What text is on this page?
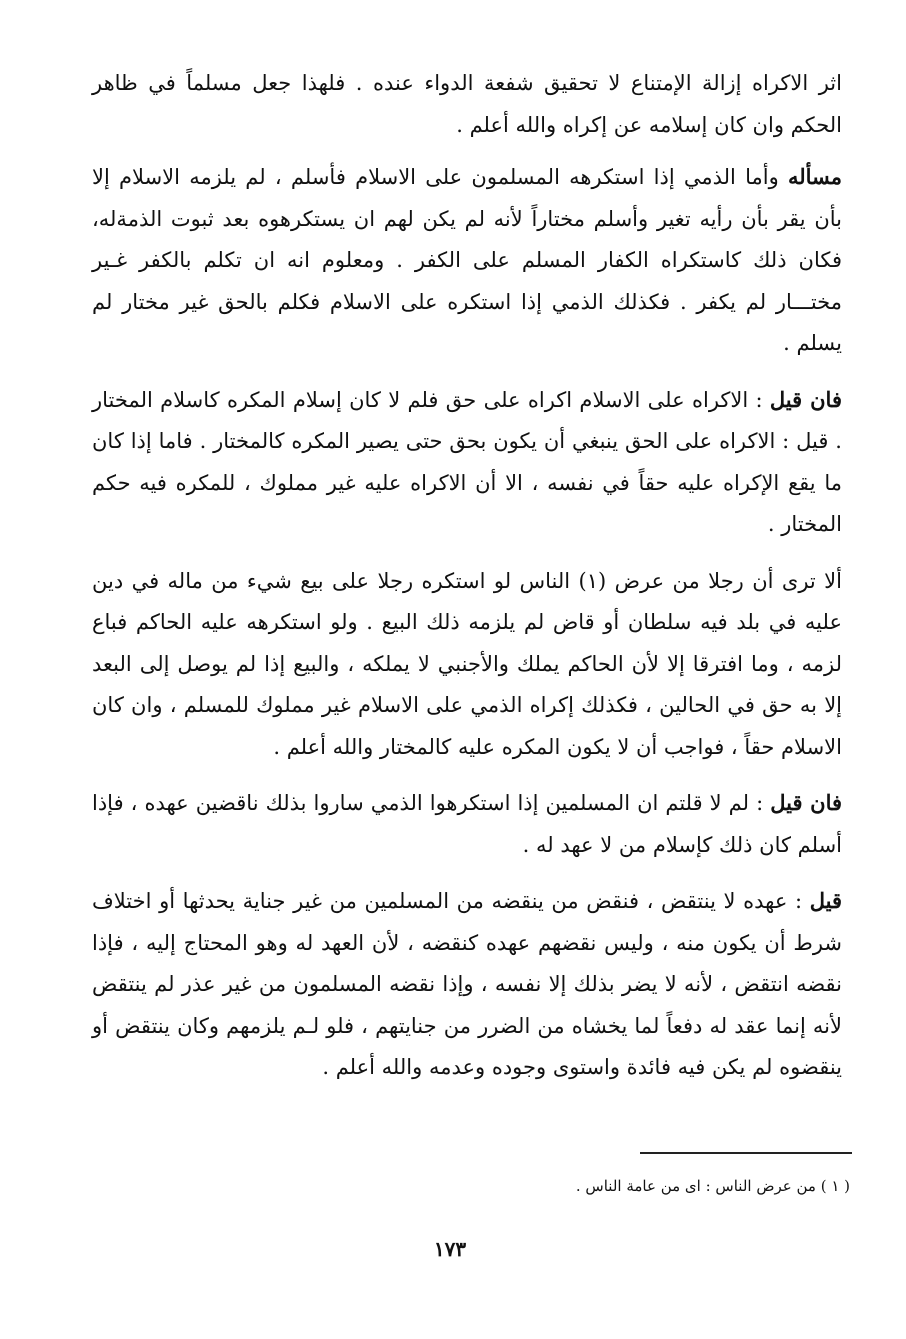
اثر الاكراه إزالة الإمتناع لا تحقيق شفعة الدواء عنده . فلهذا جعل مسلماً في ظاهر الحكم وان كان إسلامه عن إكراه والله أعلم .

مسأله وأما الذمي إذا استكرهه المسلمون على الاسلام فأسلم ، لم يلزمه الاسلام إلا بأن يقر بأن رأيه تغير وأسلم مختاراً لأنه لم يكن لهم ان يستكرهوه بعد ثبوت الذمةله، فكان ذلك كاستكراه الكفار المسلم على الكفر . ومعلوم انه ان تكلم بالكفر غـير مختـــار لم يكفر . فكذلك الذمي إذا استكره على الاسلام فكلم بالحق غير مختار لم يسلم .

فان قيل : الاكراه على الاسلام اكراه على حق فلم لا كان إسلام المكره كاسلام المختار . قيل : الاكراه على الحق ينبغي أن يكون بحق حتى يصير المكره كالمختار . فاما إذا كان ما يقع الإكراه عليه حقاً في نفسه ، الا أن الاكراه عليه غير مملوك ، للمكره فيه حكم المختار .

ألا ترى أن رجلا من عرض (١) الناس لو استكره رجلا على بيع شيء من ماله في دين عليه في بلد فيه سلطان أو قاض لم يلزمه ذلك البيع . ولو استكرهه عليه الحاكم فباع لزمه ، وما افترقا إلا لأن الحاكم يملك والأجنبي لا يملكه ، والبيع إذا لم يوصل إلى البعد إلا به حق في الحالين ، فكذلك إكراه الذمي على الاسلام غير مملوك للمسلم ، وان كان الاسلام حقاً ، فواجب أن لا يكون المكره عليه كالمختار والله أعلم .

فان قيل : لم لا قلتم ان المسلمين إذا استكرهوا الذمي ساروا بذلك ناقضين عهده ، فإذا أسلم كان ذلك كإسلام من لا عهد له .

قيل : عهده لا ينتقض ، فنقض من ينقضه من المسلمين من غير جناية يحدثها أو اختلاف شرط أن يكون منه ، وليس نقضهم عهده كنقضه ، لأن العهد له وهو المحتاج إليه ، فإذا نقضه انتقض ، لأنه لا يضر بذلك إلا نفسه ، وإذا نقضه المسلمون من غير عذر لم ينتقض لأنه إنما عقد له دفعاً لما يخشاه من الضرر من جنايتهم ، فلو لـم يلزمهم وكان ينتقض أو ينقضوه لم يكن فيه فائدة واستوى وجوده وعدمه والله أعلم .

( ١ ) من عرض الناس : اى من عامة الناس .
١٧٣
